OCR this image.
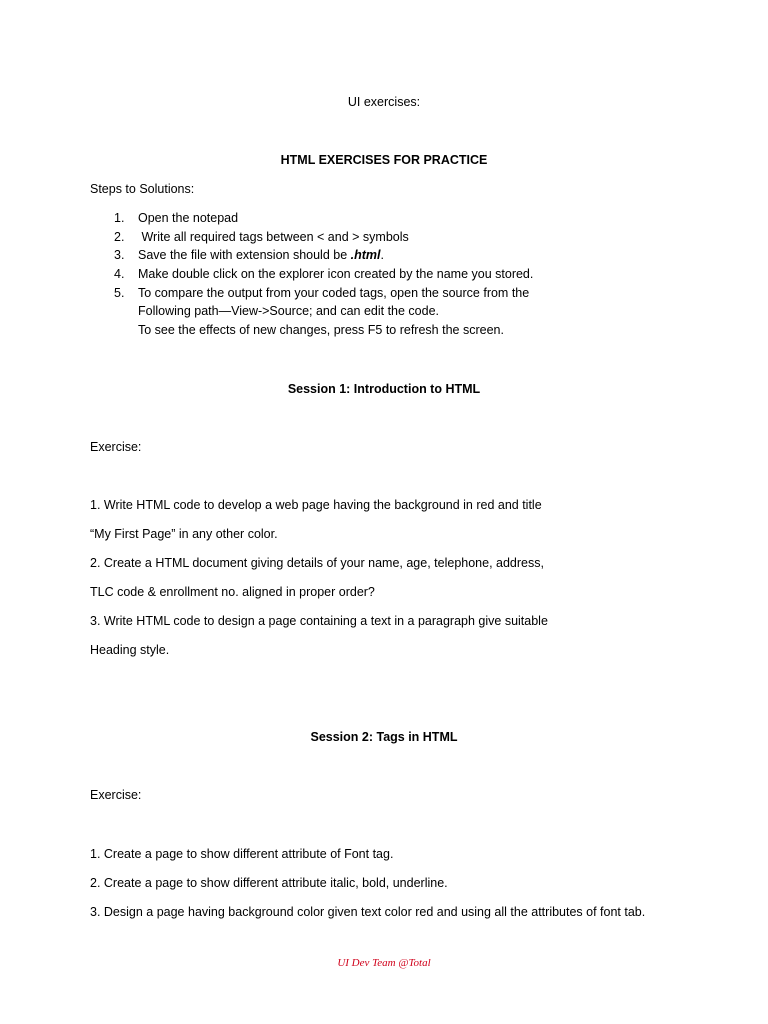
UI exercises:
HTML EXERCISES FOR PRACTICE
Steps to Solutions:
1. Open the notepad
2. Write all required tags between < and > symbols
3. Save the file with extension should be .html.
4. Make double click on the explorer icon created by the name you stored.
5. To compare the output from your coded tags, open the source from the
Following path—View->Source; and can edit the code.
To see the effects of new changes, press F5 to refresh the screen.
Session 1: Introduction to HTML
Exercise:
1. Write HTML code to develop a web page having the background in red and title
“My First Page” in any other color.
2. Create a HTML document giving details of your name, age, telephone, address,
TLC code & enrollment no. aligned in proper order?
3. Write HTML code to design a page containing a text in a paragraph give suitable
Heading style.
Session 2: Tags in HTML
Exercise:
1. Create a page to show different attribute of Font tag.
2. Create a page to show different attribute italic, bold, underline.
3. Design a page having background color given text color red and using all the attributes of font tab.
UI Dev Team @Total
